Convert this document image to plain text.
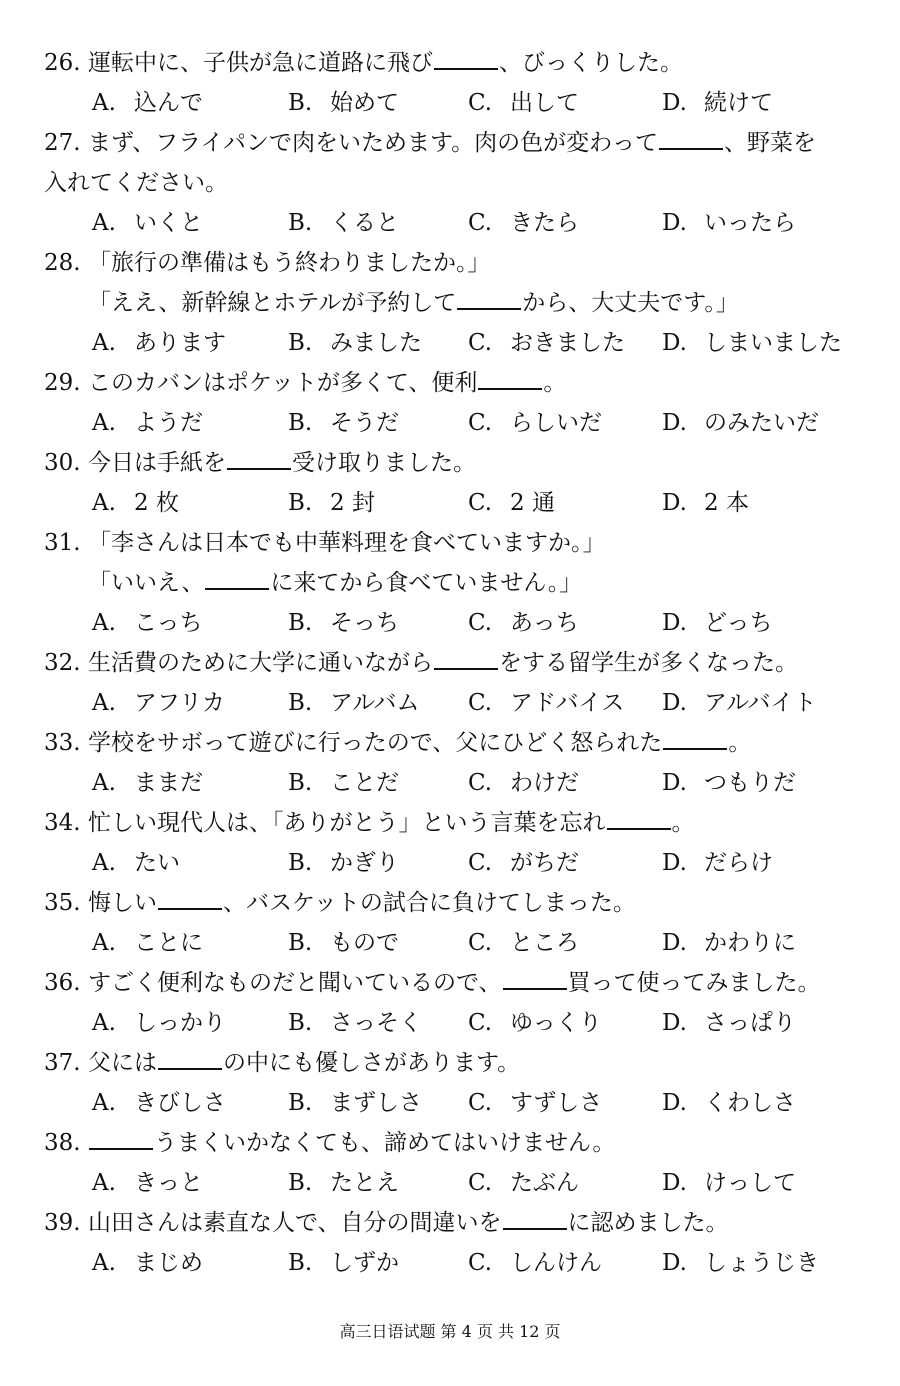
26. 運転中に、子供が急に道路に飛び	、びっくりした。
A. 込んで	B. 始めて	C. 出して	D. 続けて
27. まず、フライパンで肉をいためます。肉の色が変わって	、野菜を
入れてください。
A. いくと	B. くると	C. きたら	D. いったら
28. 「旅行の準備はもう終わりましたか。」
「ええ、新幹線とホテルが予約して	から、大丈夫です。」
A. あります	B. みました C. おきました D. しまいました
29. このカバンはポケットが多くて、便利	。
A. ようだ	B. そうだ	C. らしいだ	D. のみたいだ
30. 今日は手紙を	受け取りました。
A. 2 枚	B. 2 封	C. 2 通	D. 2 本
31. 「李さんは日本でも中華料理を食べていますか。」
「いいえ、	に来てから食べていません。」
A. こっち	B. そっち	C. あっち	D. どっち
32. 生活費のために大学に通いながら	をする留学生が多くなった。
A. アフリカ	B. アルバム C. アドバイス D. アルバイト
33. 学校をサボって遊びに行ったので、父にひどく怒られた	。
A. ままだ	B. ことだ	C. わけだ	D. つもりだ
34. 忙しい現代人は、「ありがとう」という言葉を忘れ	。
A. たい	B. かぎり	C. がちだ	D. だらけ
35. 悔しい	、バスケットの試合に負けてしまった。
A. ことに	B. もので	C. ところ	D. かわりに
36. すごく便利なものだと聞いているので、	買って使ってみました。
A. しっかり	B. さっそく C. ゆっくり	D. さっぱり
37. 父には	の中にも優しさがあります。
A. きびしさ	B. まずしさ C. すずしさ	D. くわしさ
38.	うまくいかなくても、諦めてはいけません。
A. きっと	B. たとえ	C. たぶん	D. けっして
39. 山田さんは素直な人で、自分の間違いを	に認めました。
A. まじめ	B. しずか	C. しんけん	D. しょうじき
高三日语试题 第 4 页 共 12 页
